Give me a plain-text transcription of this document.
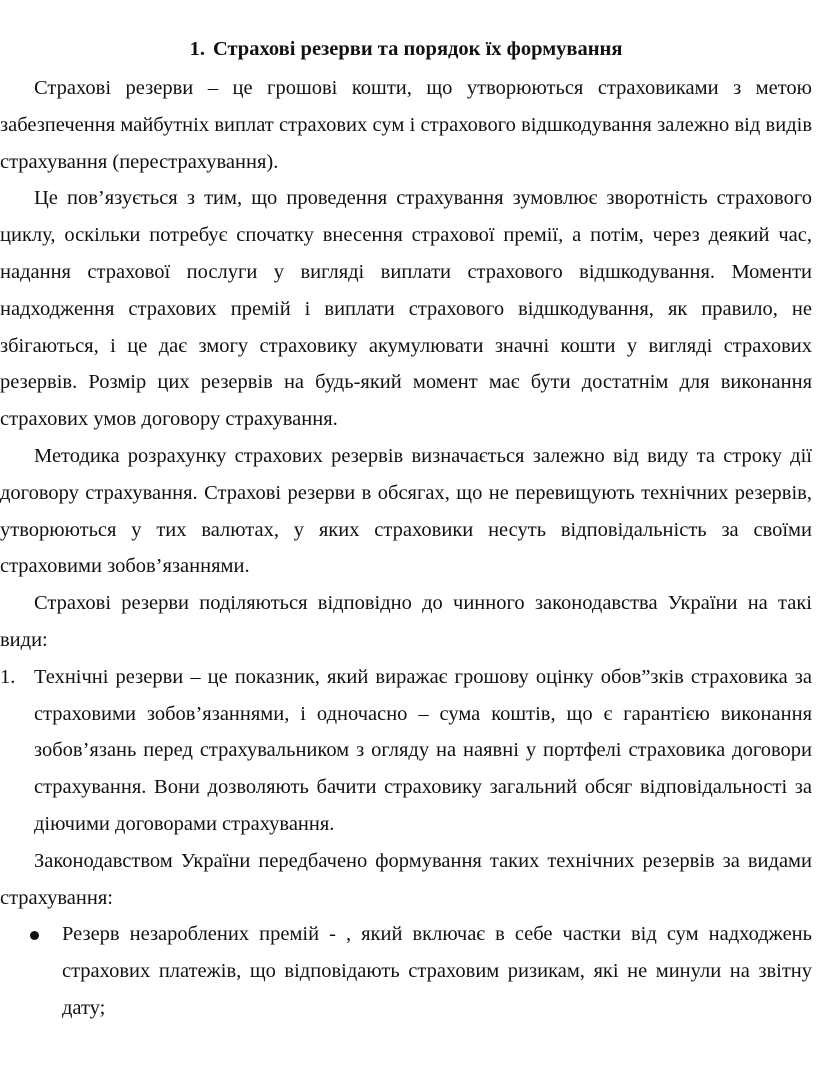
1. Страхові резерви та порядок їх формування

Страхові резерви – це грошові кошти, що утворюються страховиками з метою забезпечення майбутніх виплат страхових сум і страхового відшкодування залежно від видів страхування (перестрахування).

Це пов’язується з тим, що проведення страхування зумовлює зворотність страхового циклу, оскільки потребує спочатку внесення страхової премії, а потім, через деякий час, надання страхової послуги у вигляді виплати страхового відшкодування. Моменти надходження страхових премій і виплати страхового відшкодування, як правило, не збігаються, і це дає змогу страховику акумулювати значні кошти у вигляді страхових резервів. Розмір цих резервів на будь-який момент має бути достатнім для виконання страхових умов договору страхування.

Методика розрахунку страхових резервів визначається залежно від виду та строку дії договору страхування. Страхові резерви в обсягах, що не перевищують технічних резервів, утворюються у тих валютах, у яких страховики несуть відповідальність за своїми страховими зобов’язаннями.

Страхові резерви поділяються відповідно до чинного законодавства України на такі види:

1. Технічні резерви – це показник, який виражає грошову оцінку обов”зків страховика за страховими зобов’язаннями, і одночасно – сума коштів, що є гарантією виконання зобов’язань перед страхувальником з огляду на наявні у портфелі страховика договори страхування. Вони дозволяють бачити страховику загальний обсяг відповідальності за діючими договорами страхування.

Законодавством України передбачено формування таких технічних резервів за видами страхування:

Резерв незароблених премій - , який включає в себе частки від сум надходжень страхових платежів, що відповідають страховим ризикам, які не минули на звітну дату;
